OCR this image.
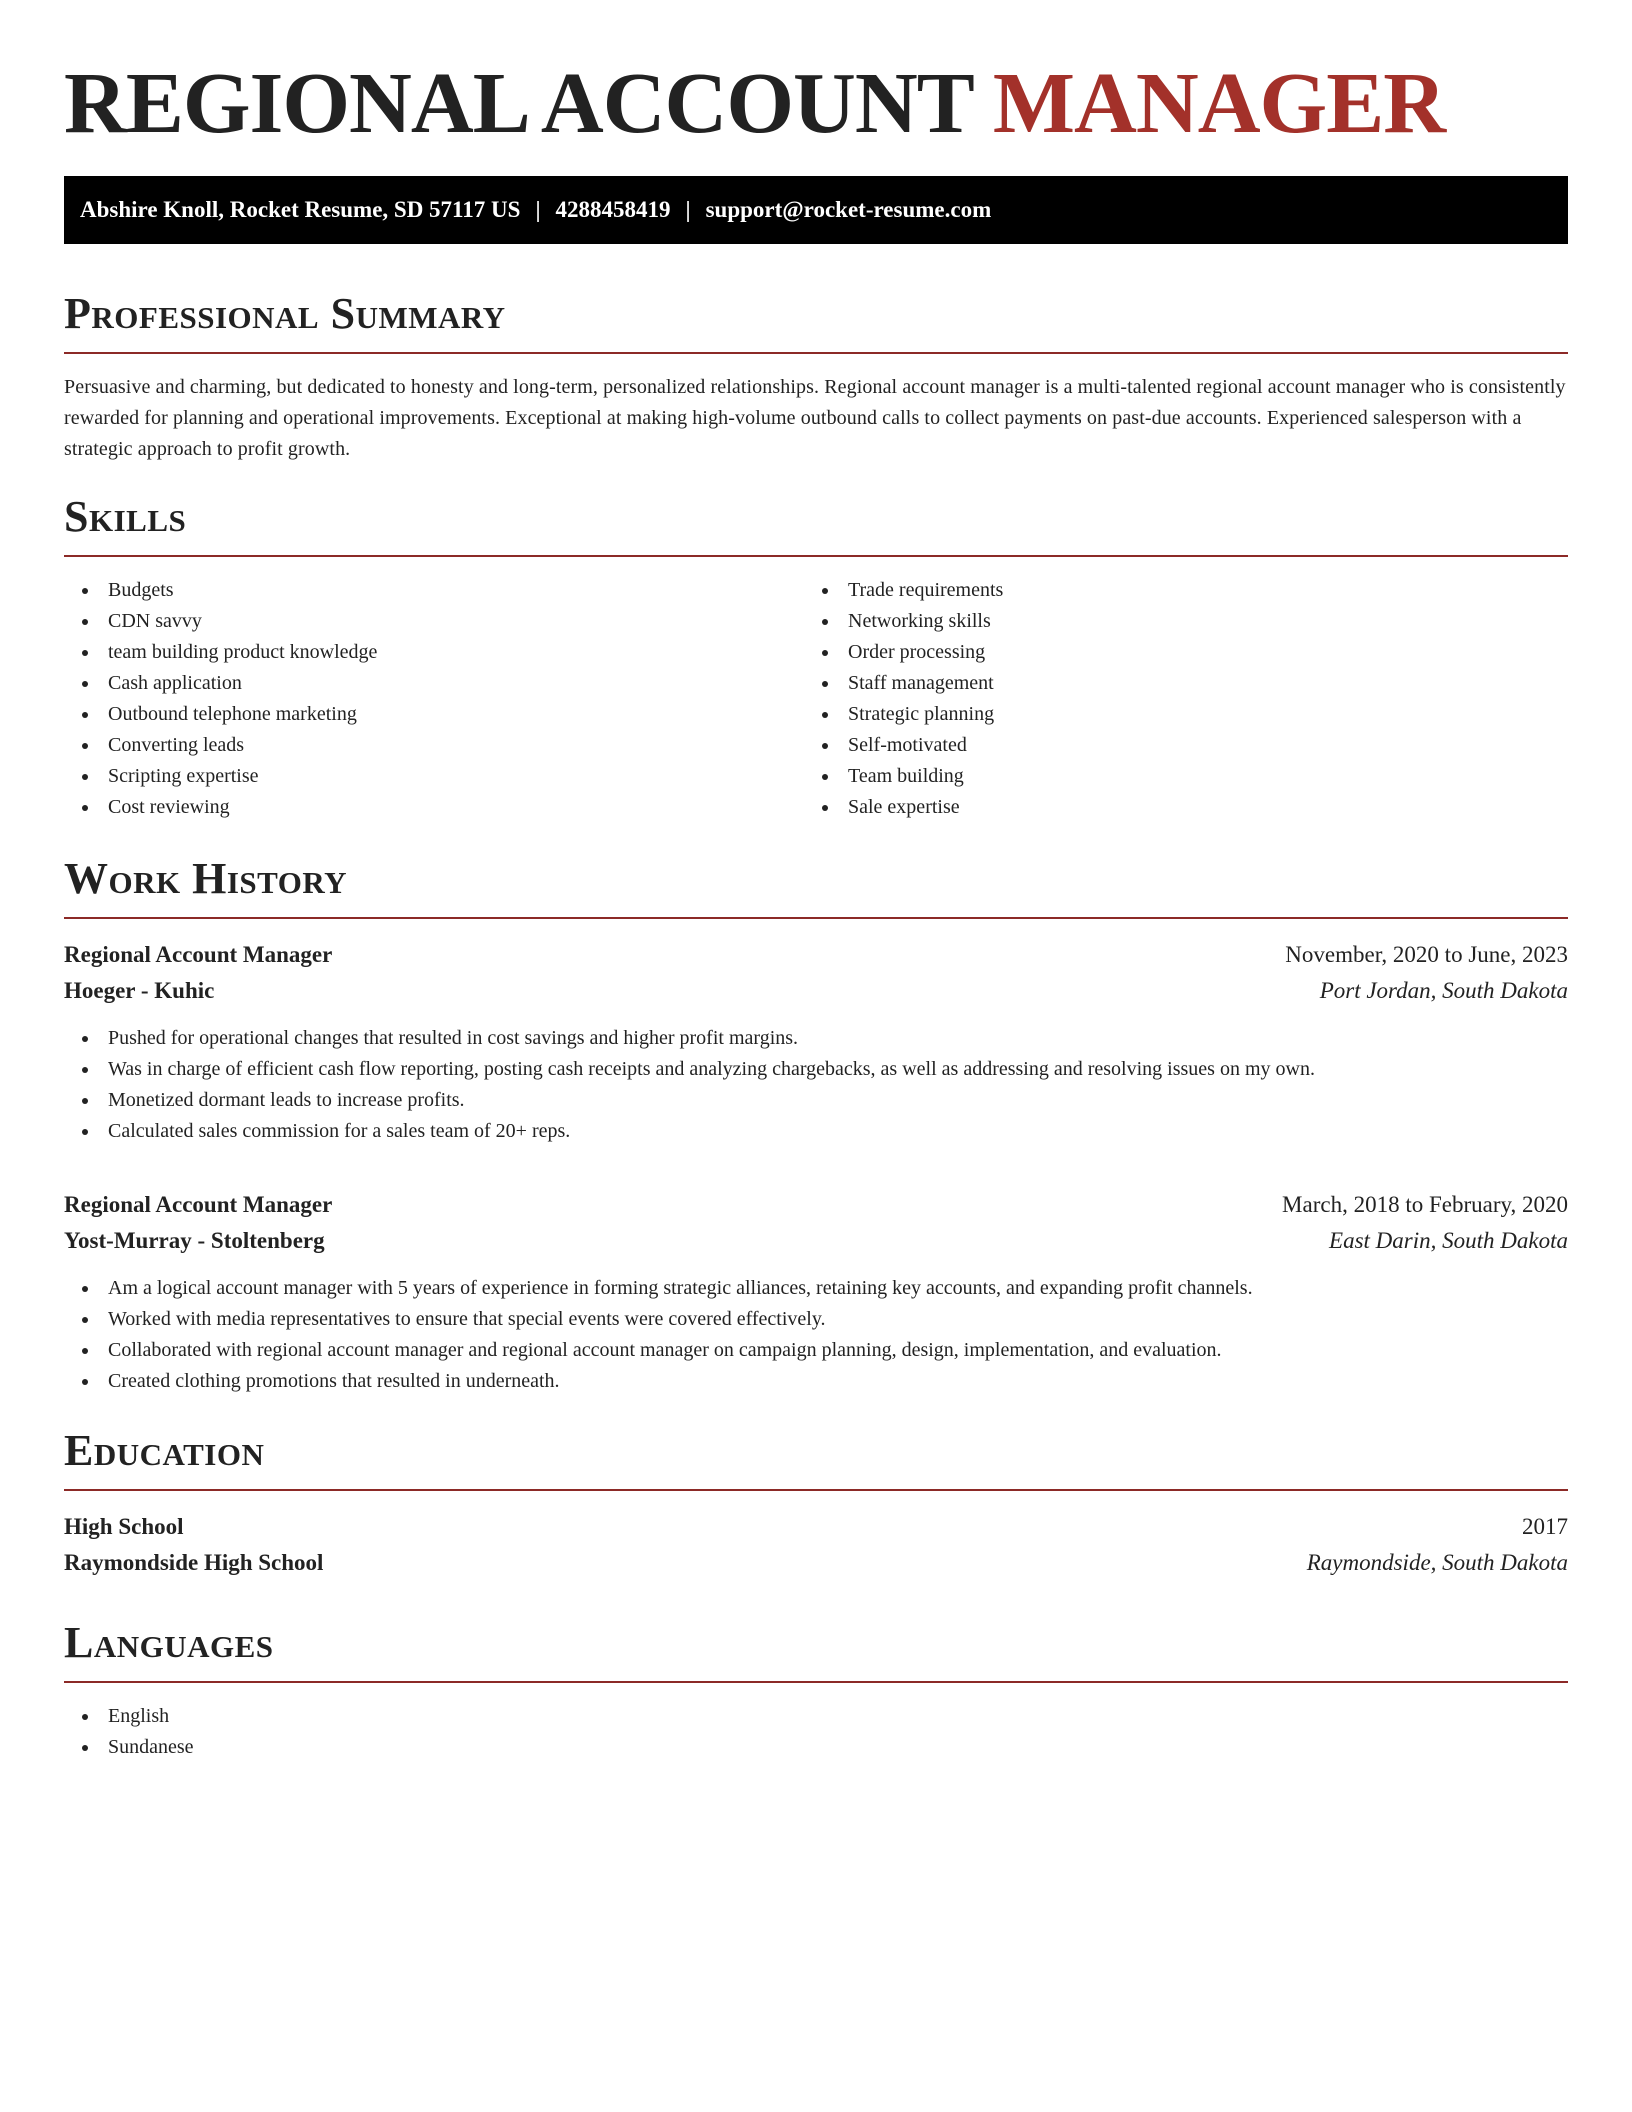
REGIONAL ACCOUNT MANAGER
Abshire Knoll, Rocket Resume, SD 57117 US | 4288458419 | support@rocket-resume.com
Professional Summary

Persuasive and charming, but dedicated to honesty and long-term, personalized relationships. Regional account manager is a multi-talented regional account manager who is consistently rewarded for planning and operational improvements. Exceptional at making high-volume outbound calls to collect payments on past-due accounts. Experienced salesperson with a strategic approach to profit growth.

Skills
Budgets
CDN savvy
team building product knowledge
Cash application
Outbound telephone marketing
Converting leads
Scripting expertise
Cost reviewing
Trade requirements
Networking skills
Order processing
Staff management
Strategic planning
Self-motivated
Team building
Sale expertise
Work History
Regional Account Manager	November, 2020 to June, 2023
Hoeger - Kuhic	Port Jordan, South Dakota
Pushed for operational changes that resulted in cost savings and higher profit margins.
Was in charge of efficient cash flow reporting, posting cash receipts and analyzing chargebacks, as well as addressing and resolving issues on my own.
Monetized dormant leads to increase profits.
Calculated sales commission for a sales team of 20+ reps.
Regional Account Manager	March, 2018 to February, 2020
Yost-Murray - Stoltenberg	East Darin, South Dakota
Am a logical account manager with 5 years of experience in forming strategic alliances, retaining key accounts, and expanding profit channels.
Worked with media representatives to ensure that special events were covered effectively.
Collaborated with regional account manager and regional account manager on campaign planning, design, implementation, and evaluation.
Created clothing promotions that resulted in underneath.
Education
High School	2017
Raymondside High School	Raymondside, South Dakota
Languages
English
Sundanese
